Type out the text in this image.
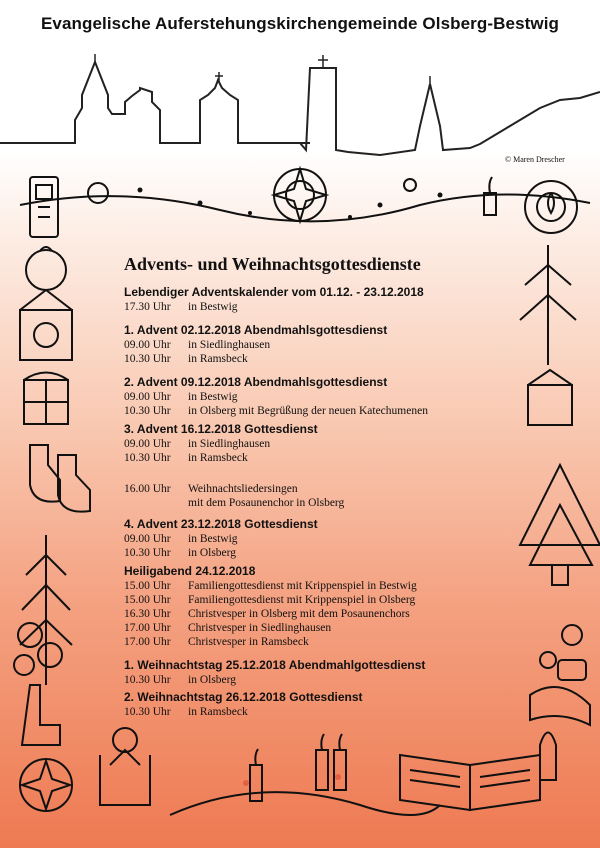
Evangelische Auferstehungskirchengemeinde Olsberg-Bestwig
© Maren Drescher
Advents- und Weihnachtsgottesdienste
Lebendiger Adventskalender vom 01.12. - 23.12.2018
17.30 Uhr	in Bestwig
1. Advent 02.12.2018 Abendmahlsgottesdienst
09.00 Uhr	in Siedlinghausen
10.30 Uhr	in Ramsbeck
2. Advent 09.12.2018 Abendmahlsgottesdienst
09.00 Uhr	in Bestwig
10.30 Uhr	in Olsberg mit Begrüßung der neuen Katechumenen
3. Advent 16.12.2018 Gottesdienst
09.00 Uhr	in Siedlinghausen
10.30 Uhr	in Ramsbeck
16.00 Uhr	Weihnachtsliedersingen
mit dem Posaunenchor in Olsberg
4. Advent 23.12.2018 Gottesdienst
09.00 Uhr	in Bestwig
10.30 Uhr	in Olsberg
Heiligabend 24.12.2018
15.00 Uhr	Familiengottesdienst mit Krippenspiel in Bestwig
15.00 Uhr	Familiengottesdienst mit Krippenspiel in Olsberg
16.30 Uhr	Christvesper in Olsberg mit dem Posaunenchors
17.00 Uhr	Christvesper in Siedlinghausen
17.00 Uhr	Christvesper in Ramsbeck
1. Weihnachtstag 25.12.2018 Abendmahlgottesdienst
10.30 Uhr	in Olsberg
2. Weihnachtstag 26.12.2018 Gottesdienst
10.30 Uhr	in Ramsbeck
